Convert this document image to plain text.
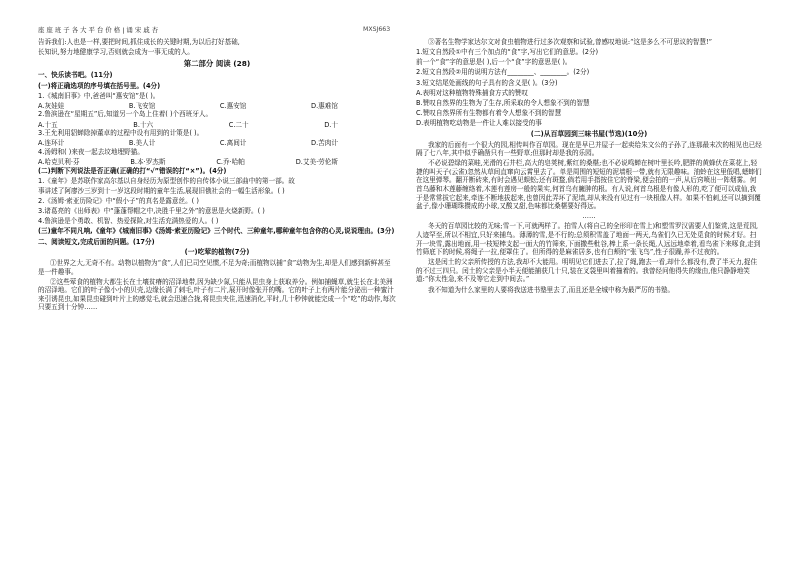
座 座 班 子 各 大 平 台 价 格 | 诵 宋 戚 杏	MXSJ663

告诉我们:人也是一样,要把时间,抓住成长的关键时期,为以后打好基础,

长知识,努力地健康学习,否则就会成为一事无成的人。

第二部分 阅读 (28)

一、快乐读书吧。(11分)

(一)将正确选项的序号填在括号里。(4分)

1.《城南旧事》中,爸爸叫“惠安馆”是( )。

A.灰娃娃	B.飞安馆	C.惠安馆	D.惠难馆

2.鲁滨逊在“星期五”后,知道另一个岛上住着( )个西班牙人。

A.十五	B.十六	C.二十	D.十

3.王允利用貂蝉除掉董卓的过程中设有用到的计策是( )。

A.连环计	B.美人计	C.离间计	D.苦肉计

4.汤姆和( )来夜一起去坟地埋野猫。

A.哈克贝利·芬	B.本·罗杰斯	C.乔·哈帕	D.艾美·劳伦斯

(二)判断下列说法是否正确(正确的打“√”错误的打“×”)。(4分)

1.《童年》是苏联作家高尔基以自身经历为原型创作的自传体小说三部曲中的第一部。故

事讲述了阿廖沙三岁到十一岁这段时期的童年生活,展现旧俄社会的一幅生活形象。( )

2.《汤姆·索亚历险记》中“假小子”的真名是露意丝。( )

3.诸葛亮的《出师表》中“蓬蓬帮帽之中,决胜千里之外”的意思是火烧新野。( )

4.鲁滨逊是个勇敢、机智、热爱探险,对生活充满热爱的人。( )

(三)童年不同凡响,《童年》《城南旧事》《汤姆·索亚历险记》三个时代、三种童年,哪种童年包含你的心灵,说说理由。(3分)

二、阅读短文,完成后面的问题。(17分)

(一)吃荤的植物(7分)

①世界之大,无奇不有。动物以植物为“食”,人们已司空见惯,不足为奇;而植物以捕“食”动物为生,却是人们感到新鲜甚至是一件趣事。

②这些荤食的植物大都生长在土壤贫瘠的沼泽地带,因为缺少氮,只能从昆虫身上获取养分。例如捕蝇草,就生长在北美洲的沼泽地。它们的叶子像小小的贝壳,边缘长满了刺毛,叶子有二片,展开时像张开的嘴。它的叶子上有两片能分泌出一种蜜汁来引诱昆虫,如果昆虫碰到叶片上的感觉毛,就会迅速合拢,将昆虫夹住,迅速消化,平时,几十秒钟就能完成一个“吃”的动作,每次只要五到十分钟……

③著名生物学家达尔文对食虫植物进行过多次观察和试验,曾感叹地说:“这是多么不可思议的智慧!”

1.短文自然段①中有三个加点的“食”字,写出它们的意思。(2分)

前一个“食”字的意思是( ),后一个“食”字的意思是( )。

2.短文自然段②用的说明方法有________、________。(2分)

3.短文结尾处画线的句子具有的含义是( )。(3分)

A.表明对这种植物特殊捕食方式的赞叹

B.赞叹自然界的生物为了生存,所采取的令人想象不到的智慧

C.赞叹自然界所有生物都有着令人想象不到的智慧

D.表明植物吃动物是一件让人难以接受的事

(二)从百草园到三味书屋(节选)(10分)

我家的后面有一个很大的园,相传叫作百草园。现在是早已并屋子一起卖给朱文公的子孙了,连那最末次的相见也已经隔了七八年,其中似乎确凿只有一些野草;但那时却是我的乐园。

不必说碧绿的菜畦,光滑的石井栏,高大的皂荚树,紫红的桑椹;也不必说鸣蝉在树叶里长吟,肥胖的黄蜂伏在菜花上,轻捷的叫天子(云雀)忽然从草间直窜向云霄里去了。单是周围的短短的泥墙根一带,就有无限趣味。油蛉在这里低唱,蟋蟀们在这里弹琴。翻开断砖来,有时会遇见蜈蚣;还有斑蝥,倘若用手指按住它的脊梁,便会拍的一声,从后窍喷出一阵烟雾。何首乌藤和木莲藤缠络着,木莲有莲房一般的果实,何首乌有臃肿的根。有人说,何首乌根是有像人形的,吃了便可以成仙,我于是常常拔它起来,牵连不断地拔起来,也曾因此弄坏了泥墙,却从来没有见过有一块根像人样。如果不怕刺,还可以摘到覆盆子,像小珊瑚珠攒成的小球,又酸又甜,色味都比桑椹要好得远。

……

冬天的百草园比较的无味;雪一下,可就两样了。拍雪人(将自己的全形印在雪上)和塑雪罗汉需要人们鉴赏,这是荒园,人迹罕至,所以不相宜,只好来捕鸟。薄薄的雪,是不行的;总须积雪盖了地面一两天,鸟雀们久已无处觅食的时候才好。扫开一块雪,露出地面,用一枝短棒支起一面大的竹筛来,下面撒些秕谷,棒上系一条长绳,人远远地牵着,看鸟雀下来啄食,走到竹筛底下的时候,将绳子一拉,便罩住了。但所得的是麻雀居多,也有白颊的“张飞鸟”,性子很躁,养不过夜的。

这是闰土的父亲所传授的方法,我却不大能用。明明见它们进去了,拉了绳,跑去一看,却什么都没有,费了半天力,捉住的不过三四只。闰土的父亲是小半天便能捕获几十只,装在叉袋里叫着撞着的。我曾经问他得失的缘由,他只静静地笑道:“你太性急,来不及等它走到中间去。”

我不知道为什么家里的人要将我送进书塾里去了,而且还是全城中称为最严厉的书塾。
